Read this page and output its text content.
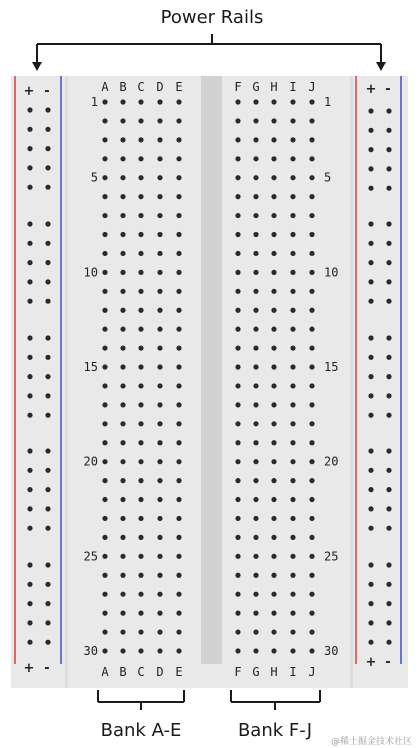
Power Rails
+ -
+ -
+ -
+ -
A B C D E	F G H I J
A B C D E	F G H I J
1	1
5	5
10	10
15	15
20	20
25	25
30	30
Bank A-E	Bank F-J
@稀土掘金技术社区
